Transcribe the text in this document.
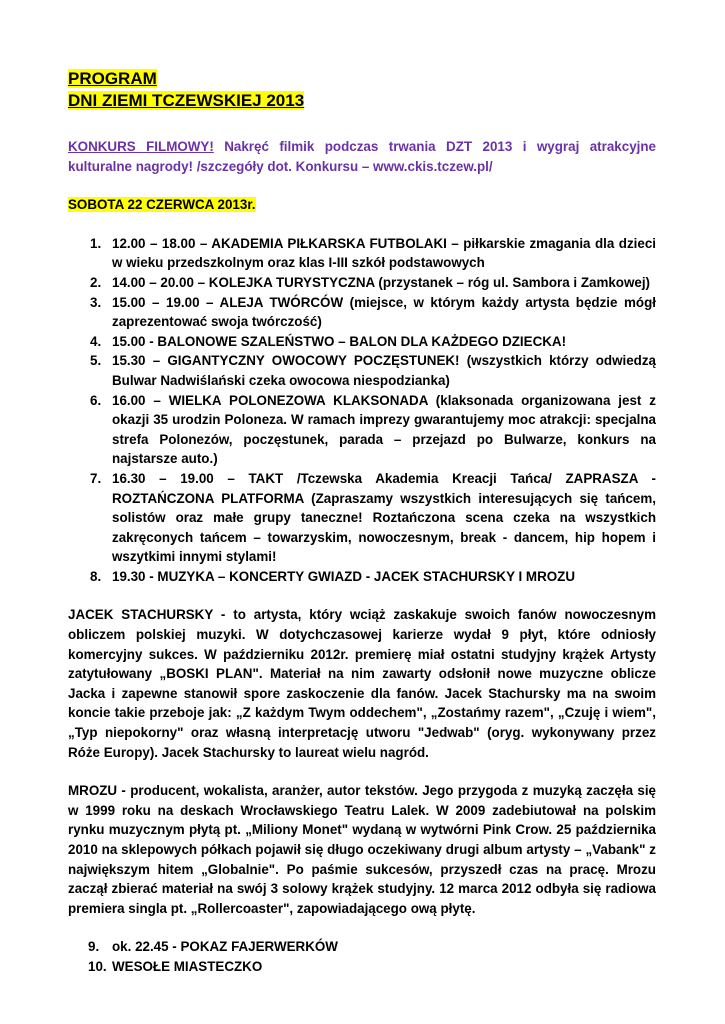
PROGRAM
DNI ZIEMI TCZEWSKIEJ 2013
KONKURS FILMOWY! Nakręć filmik podczas trwania DZT 2013 i wygraj atrakcyjne kulturalne nagrody! /szczegóły dot. Konkursu – www.ckis.tczew.pl/
SOBOTA 22 CZERWCA 2013r.
1. 12.00 – 18.00 – AKADEMIA PIŁKARSKA FUTBOLAKI – piłkarskie zmagania dla dzieci w wieku przedszkolnym oraz klas I-III szkół podstawowych
2. 14.00 – 20.00 – KOLEJKA TURYSTYCZNA (przystanek – róg ul. Sambora i Zamkowej)
3. 15.00 – 19.00 – ALEJA TWÓRCÓW (miejsce, w którym każdy artysta będzie mógł zaprezentować swoja twórczość)
4. 15.00 - BALONOWE SZALEŃSTWO – BALON DLA KAŻDEGO DZIECKA!
5. 15.30 – GIGANTYCZNY OWOCOWY POCZĘSTUNEK! (wszystkich którzy odwiedzą Bulwar Nadwiślański czeka owocowa niespodzianka)
6. 16.00 – WIELKA POLONEZOWA KLAKSONADA (klaksonada organizowana jest z okazji 35 urodzin Poloneza. W ramach imprezy gwarantujemy moc atrakcji: specjalna strefa Polonezów, poczęstunek, parada – przejazd po Bulwarze, konkurs na najstarsze auto.)
7. 16.30 – 19.00 – TAKT /Tczewska Akademia Kreacji Tańca/ ZAPRASZA - ROZTAŃCZONA PLATFORMA (Zapraszamy wszystkich interesujących się tańcem, solistów oraz małe grupy taneczne! Roztańczona scena czeka na wszystkich zakręconych tańcem – towarzyskim, nowoczesnym, break - dancem, hip hopem i wszytkimi innymi stylami!
8. 19.30 - MUZYKA – KONCERTY GWIAZD - JACEK STACHURSKY I MROZU
JACEK STACHURSKY - to artysta, który wciąż zaskakuje swoich fanów nowoczesnym obliczem polskiej muzyki. W dotychczasowej karierze wydał 9 płyt, które odniosły komercyjny sukces. W październiku 2012r. premierę miał ostatni studyjny krążek Artysty zatytułowany „BOSKI PLAN". Materiał na nim zawarty odsłonił nowe muzyczne oblicze Jacka i zapewne stanowił spore zaskoczenie dla fanów. Jacek Stachursky ma na swoim koncie takie przeboje jak: „Z każdym Twym oddechem", „Zostańmy razem", „Czuję i wiem", „Typ niepokorny" oraz własną interpretację utworu "Jedwab" (oryg. wykonywany przez Róże Europy). Jacek Stachursky to laureat wielu nagród.
MROZU - producent, wokalista, aranżer, autor tekstów. Jego przygoda z muzyką zaczęła się w 1999 roku na deskach Wrocławskiego Teatru Lalek. W 2009 zadebiutował na polskim rynku muzycznym płytą pt. „Miliony Monet" wydaną w wytwórni Pink Crow. 25 października 2010 na sklepowych półkach pojawił się długo oczekiwany drugi album artysty – „Vabank" z największym hitem „Globalnie". Po paśmie sukcesów, przyszedł czas na pracę. Mrozu zaczął zbierać materiał na swój 3 solowy krążek studyjny. 12 marca 2012 odbyła się radiowa premiera singla pt. „Rollercoaster", zapowiadającego ową płytę.
9. ok. 22.45 - POKAZ FAJERWERKÓW
10. WESOŁE MIASTECZKO
